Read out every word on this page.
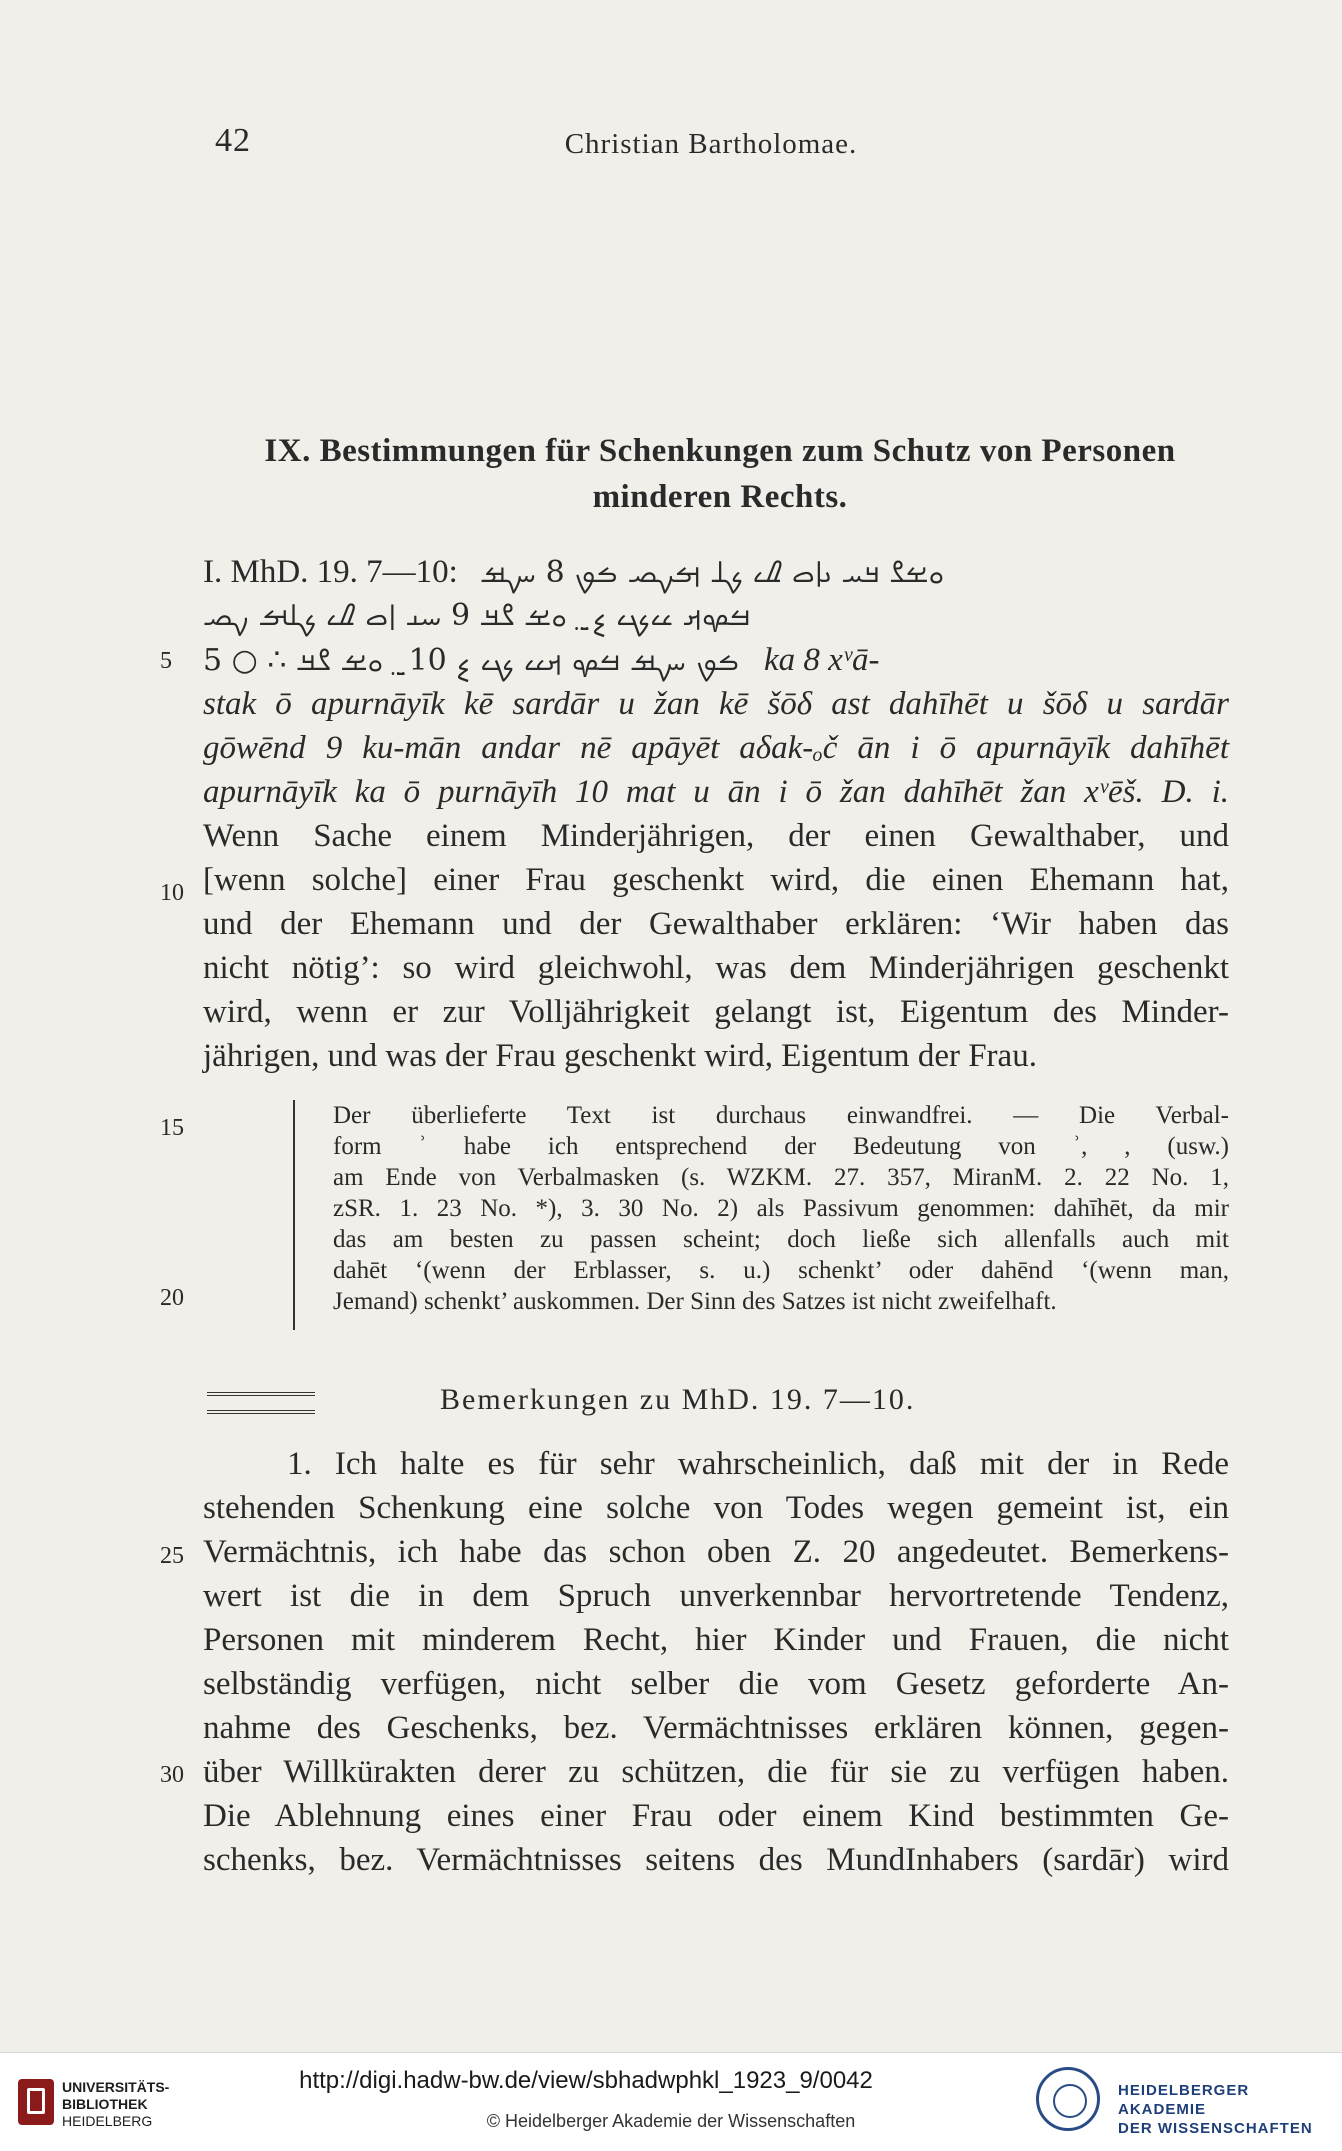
42	Christian Bartholomae.
IX. Bestimmungen für Schenkungen zum Schutz von Personen
minderen Rechts.
I. MhD. 19. 7—10: ࡀࡁࡂ ࡃࡄ ࡅࡆࡇ ࡈࡉ ࡊࡋ ࡌࡍࡎ ࡏࡐ 8 ࡑࡒ
ࡓࡔࡕ ࡖࡗ ࡘ ࡙࡚ ࡛ ࡀࡁ ࡂࡃ 9 ࡄࡅ ࡆࡇ ࡈࡉ ࡊࡋࡌ ࡍࡎ
5 ○ ∴ ࡏࡐ ࡑࡒ ࡓࡔ ࡕࡖ ࡗ ࡘ 10 ࡙࡚ ࡛ ࡀࡁ ࡂࡃ ka 8 xᵛā-
stak ō apurnāyīk kē sardār u žan kē šōδ ast dahīhēt u šōδ u sardār
gōwēnd 9 ku-mān andar nē apāyēt aδak-ₒč ān i ō apurnāyīk dahīhēt
apurnāyīk ka ō purnāyīh 10 mat u ān i ō žan dahīhēt žan xᵛēš. D. i.
Wenn Sache einem Minderjährigen, der einen Gewalthaber, und
[wenn solche] einer Frau geschenkt wird, die einen Ehemann hat,
und der Ehemann und der Gewalthaber erklären: ‘Wir haben das
nicht nötig’: so wird gleichwohl, was dem Minderjährigen geschenkt
wird, wenn er zur Volljährigkeit gelangt ist, Eigentum des Minder-
jährigen, und was der Frau geschenkt wird, Eigentum der Frau.
5
10
15
20
25
30
Der überlieferte Text ist durchaus einwandfrei. — Die Verbal-
form ʾ habe ich entsprechend der Bedeutung von ʾ, , (usw.)
am Ende von Verbalmasken (s. WZKM. 27. 357, MiranM. 2. 22 No. 1,
zSR. 1. 23 No. *), 3. 30 No. 2) als Passivum genommen: dahīhēt, da mir
das am besten zu passen scheint; doch ließe sich allenfalls auch mit
dahēt ‘(wenn der Erblasser, s. u.) schenkt’ oder dahēnd ‘(wenn man,
Jemand) schenkt’ auskommen. Der Sinn des Satzes ist nicht zweifelhaft.
Bemerkungen zu MhD. 19. 7—10.
1. Ich halte es für sehr wahrscheinlich, daß mit der in Rede
stehenden Schenkung eine solche von Todes wegen gemeint ist, ein
Vermächtnis, ich habe das schon oben Z. 20 angedeutet. Bemerkens-
wert ist die in dem Spruch unverkennbar hervortretende Tendenz,
Personen mit minderem Recht, hier Kinder und Frauen, die nicht
selbständig verfügen, nicht selber die vom Gesetz geforderte An-
nahme des Geschenks, bez. Vermächtnisses erklären können, gegen-
über Willkürakten derer zu schützen, die für sie zu verfügen haben.
Die Ablehnung eines einer Frau oder einem Kind bestimmten Ge-
schenks, bez. Vermächtnisses seitens des MundInhabers (sardār) wird
UNIVERSITÄTS-
BIBLIOTHEK
HEIDELBERG
http://digi.hadw-bw.de/view/sbhadwphkl_1923_9/0042
© Heidelberger Akademie der Wissenschaften
HEIDELBERGER AKADEMIE
DER WISSENSCHAFTEN
